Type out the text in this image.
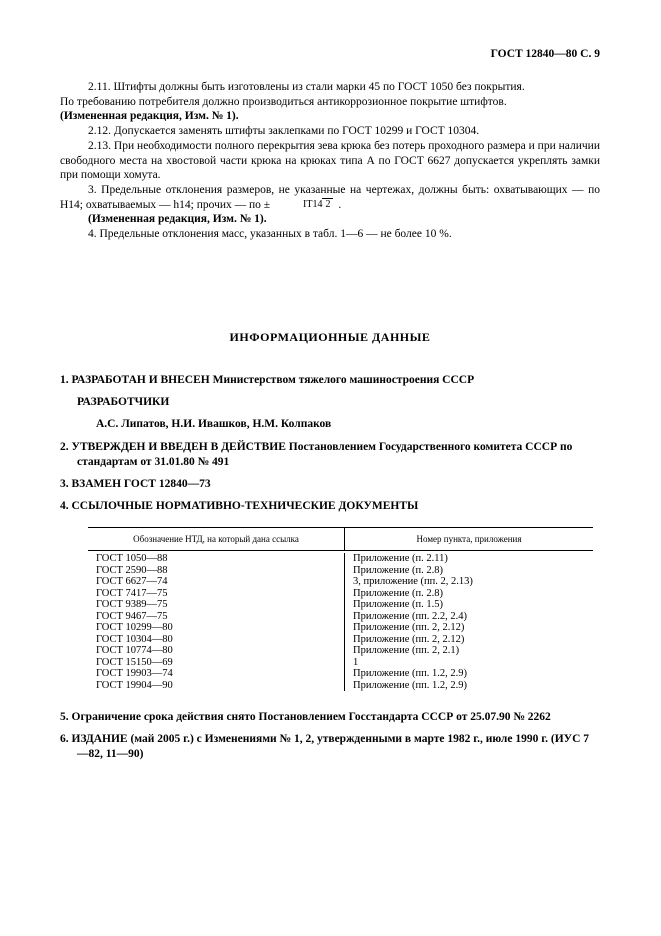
ГОСТ 12840—80 С. 9

2.11. Штифты должны быть изготовлены из стали марки 45 по ГОСТ 1050 без покрытия.

По требованию потребителя должно производиться антикоррозионное покрытие штифтов.

(Измененная редакция, Изм. № 1).

2.12. Допускается заменять штифты заклепками по ГОСТ 10299 и ГОСТ 10304.

2.13. При необходимости полного перекрытия зева крюка без потерь проходного размера и при наличии свободного места на хвостовой части крюка на крюках типа А по ГОСТ 6627 допускается укреплять замки при помощи хомута.

3. Предельные отклонения размеров, не указанные на чертежах, должны быть: охватывающих — по Н14; охватываемых — h14; прочих — по ±	IT14 2 .

(Измененная редакция, Изм. № 1).

4. Предельные отклонения масс, указанных в табл. 1—6 — не более 10 %.

ИНФОРМАЦИОННЫЕ ДАННЫЕ
1. РАЗРАБОТАН И ВНЕСЕН Министерством тяжелого машиностроения СССР
РАЗРАБОТЧИКИ
А.С. Липатов, Н.И. Ивашков, Н.М. Колпаков
2. УТВЕРЖДЕН И ВВЕДЕН В ДЕЙСТВИЕ Постановлением Государственного комитета СССР по стандартам от 31.01.80 № 491
3. ВЗАМЕН ГОСТ 12840—73
4. ССЫЛОЧНЫЕ НОРМАТИВНО-ТЕХНИЧЕСКИЕ ДОКУМЕНТЫ
Обозначение НТД, на который дана ссылка	Номер пункта, приложения
ГОСТ 1050—88	Приложение (п. 2.11)
ГОСТ 2590—88	Приложение (п. 2.8)
ГОСТ 6627—74	3, приложение (пп. 2, 2.13)
ГОСТ 7417—75	Приложение (п. 2.8)
ГОСТ 9389—75	Приложение (п. 1.5)
ГОСТ 9467—75	Приложение (пп. 2.2, 2.4)
ГОСТ 10299—80	Приложение (пп. 2, 2.12)
ГОСТ 10304—80	Приложение (пп. 2, 2.12)
ГОСТ 10774—80	Приложение (пп. 2, 2.1)
ГОСТ 15150—69	1
ГОСТ 19903—74	Приложение (пп. 1.2, 2.9)
ГОСТ 19904—90	Приложение (пп. 1.2, 2.9)
5. Ограничение срока действия снято Постановлением Госстандарта СССР от 25.07.90 № 2262
6. ИЗДАНИЕ (май 2005 г.) с Изменениями № 1, 2, утвержденными в марте 1982 г., июле 1990 г. (ИУС 7—82, 11—90)
